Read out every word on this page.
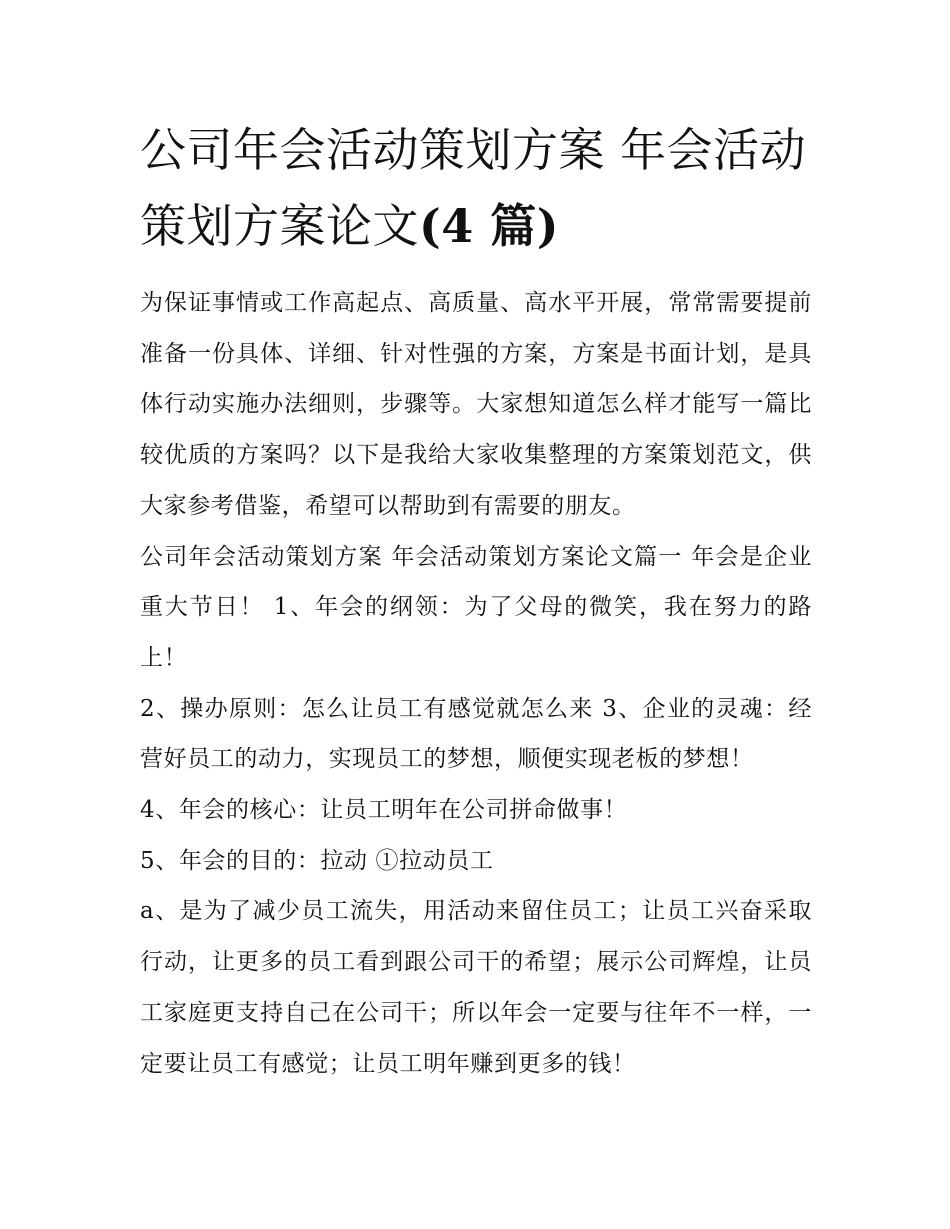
公司年会活动策划方案 年会活动策划方案论文(4 篇)

为保证事情或工作高起点、高质量、高水平开展，常常需要提前准备一份具体、详细、针对性强的方案，方案是书面计划，是具体行动实施办法细则，步骤等。大家想知道怎么样才能写一篇比较优质的方案吗？以下是我给大家收集整理的方案策划范文，供大家参考借鉴，希望可以帮助到有需要的朋友。

公司年会活动策划方案 年会活动策划方案论文篇一 年会是企业重大节日！ 1、年会的纲领：为了父母的微笑，我在努力的路上！

2、操办原则：怎么让员工有感觉就怎么来 3、企业的灵魂：经营好员工的动力，实现员工的梦想，顺便实现老板的梦想！

4、年会的核心：让员工明年在公司拼命做事！

5、年会的目的：拉动 ①拉动员工

a、是为了减少员工流失，用活动来留住员工；让员工兴奋采取行动，让更多的员工看到跟公司干的希望；展示公司辉煌，让员工家庭更支持自己在公司干；所以年会一定要与往年不一样，一定要让员工有感觉；让员工明年赚到更多的钱！
